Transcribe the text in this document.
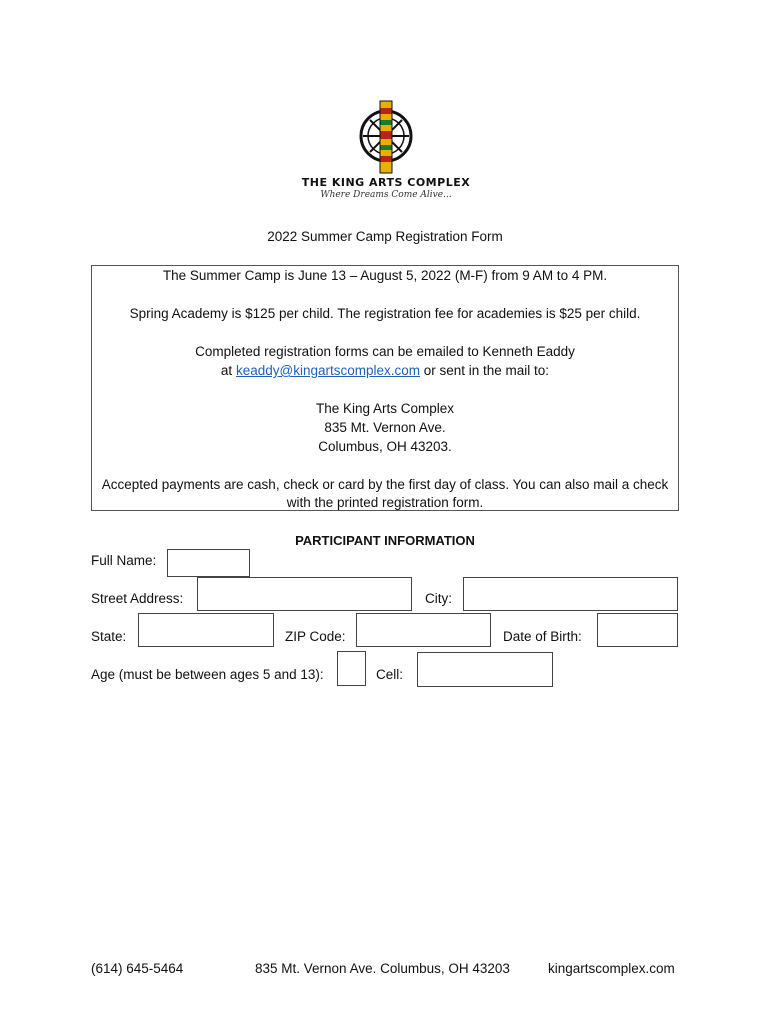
THE KING ARTS COMPLEX
Where Dreams Come Alive...
2022 Summer Camp Registration Form
The Summer Camp is June 13 – August 5, 2022 (M-F) from 9 AM to 4 PM.
Spring Academy is $125 per child. The registration fee for academies is $25 per child.
Completed registration forms can be emailed to Kenneth Eaddy
at keaddy@kingartscomplex.com or sent in the mail to:
The King Arts Complex
835 Mt. Vernon Ave.
Columbus, OH 43203.
Accepted payments are cash, check or card by the first day of class. You can also mail a check
with the printed registration form.
PARTICIPANT INFORMATION
Full Name:
Street Address:	City:
State:	ZIP Code:	Date of Birth:
Age (must be between ages 5 and 13):	Cell:
(614) 645-5464	835 Mt. Vernon Ave. Columbus, OH 43203	kingartscomplex.com
